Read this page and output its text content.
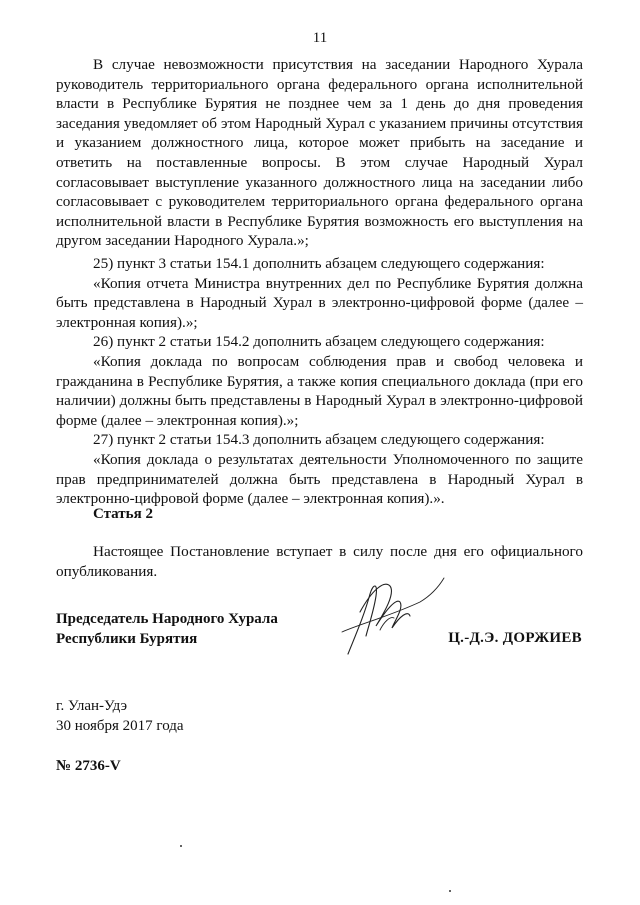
11

В случае невозможности присутствия на заседании Народного Хурала руководитель территориального органа федерального органа исполнительной власти в Республике Бурятия не позднее чем за 1 день до дня проведения заседания уведомляет об этом Народный Хурал с указанием причины отсутствия и указанием должностного лица, которое может прибыть на заседание и ответить на поставленные вопросы. В этом случае Народный Хурал согласовывает выступление указанного должностного лица на заседании либо согласовывает с руководителем территориального органа федерального органа исполнительной власти в Республике Бурятия возможность его выступления на другом заседании Народного Хурала.»;

25) пункт 3 статьи 154.1 дополнить абзацем следующего содержания:

«Копия отчета Министра внутренних дел по Республике Бурятия должна быть представлена в Народный Хурал в электронно-цифровой форме (далее – электронная копия).»;

26) пункт 2 статьи 154.2 дополнить абзацем следующего содержания:

«Копия доклада по вопросам соблюдения прав и свобод человека и гражданина в Республике Бурятия, а также копия специального доклада (при его наличии) должны быть представлены в Народный Хурал в электронно-цифровой форме (далее – электронная копия).»;

27) пункт 2 статьи 154.3 дополнить абзацем следующего содержания:

«Копия доклада о результатах деятельности Уполномоченного по защите прав предпринимателей должна быть представлена в Народный Хурал в электронно-цифровой форме (далее – электронная копия).».

Статья 2

Настоящее Постановление вступает в силу после дня его официального опубликования.

Председатель Народного Хурала
Республики Бурятия	Ц.-Д.Э. ДОРЖИЕВ
г. Улан-Удэ
30 ноября 2017 года
№ 2736-V
